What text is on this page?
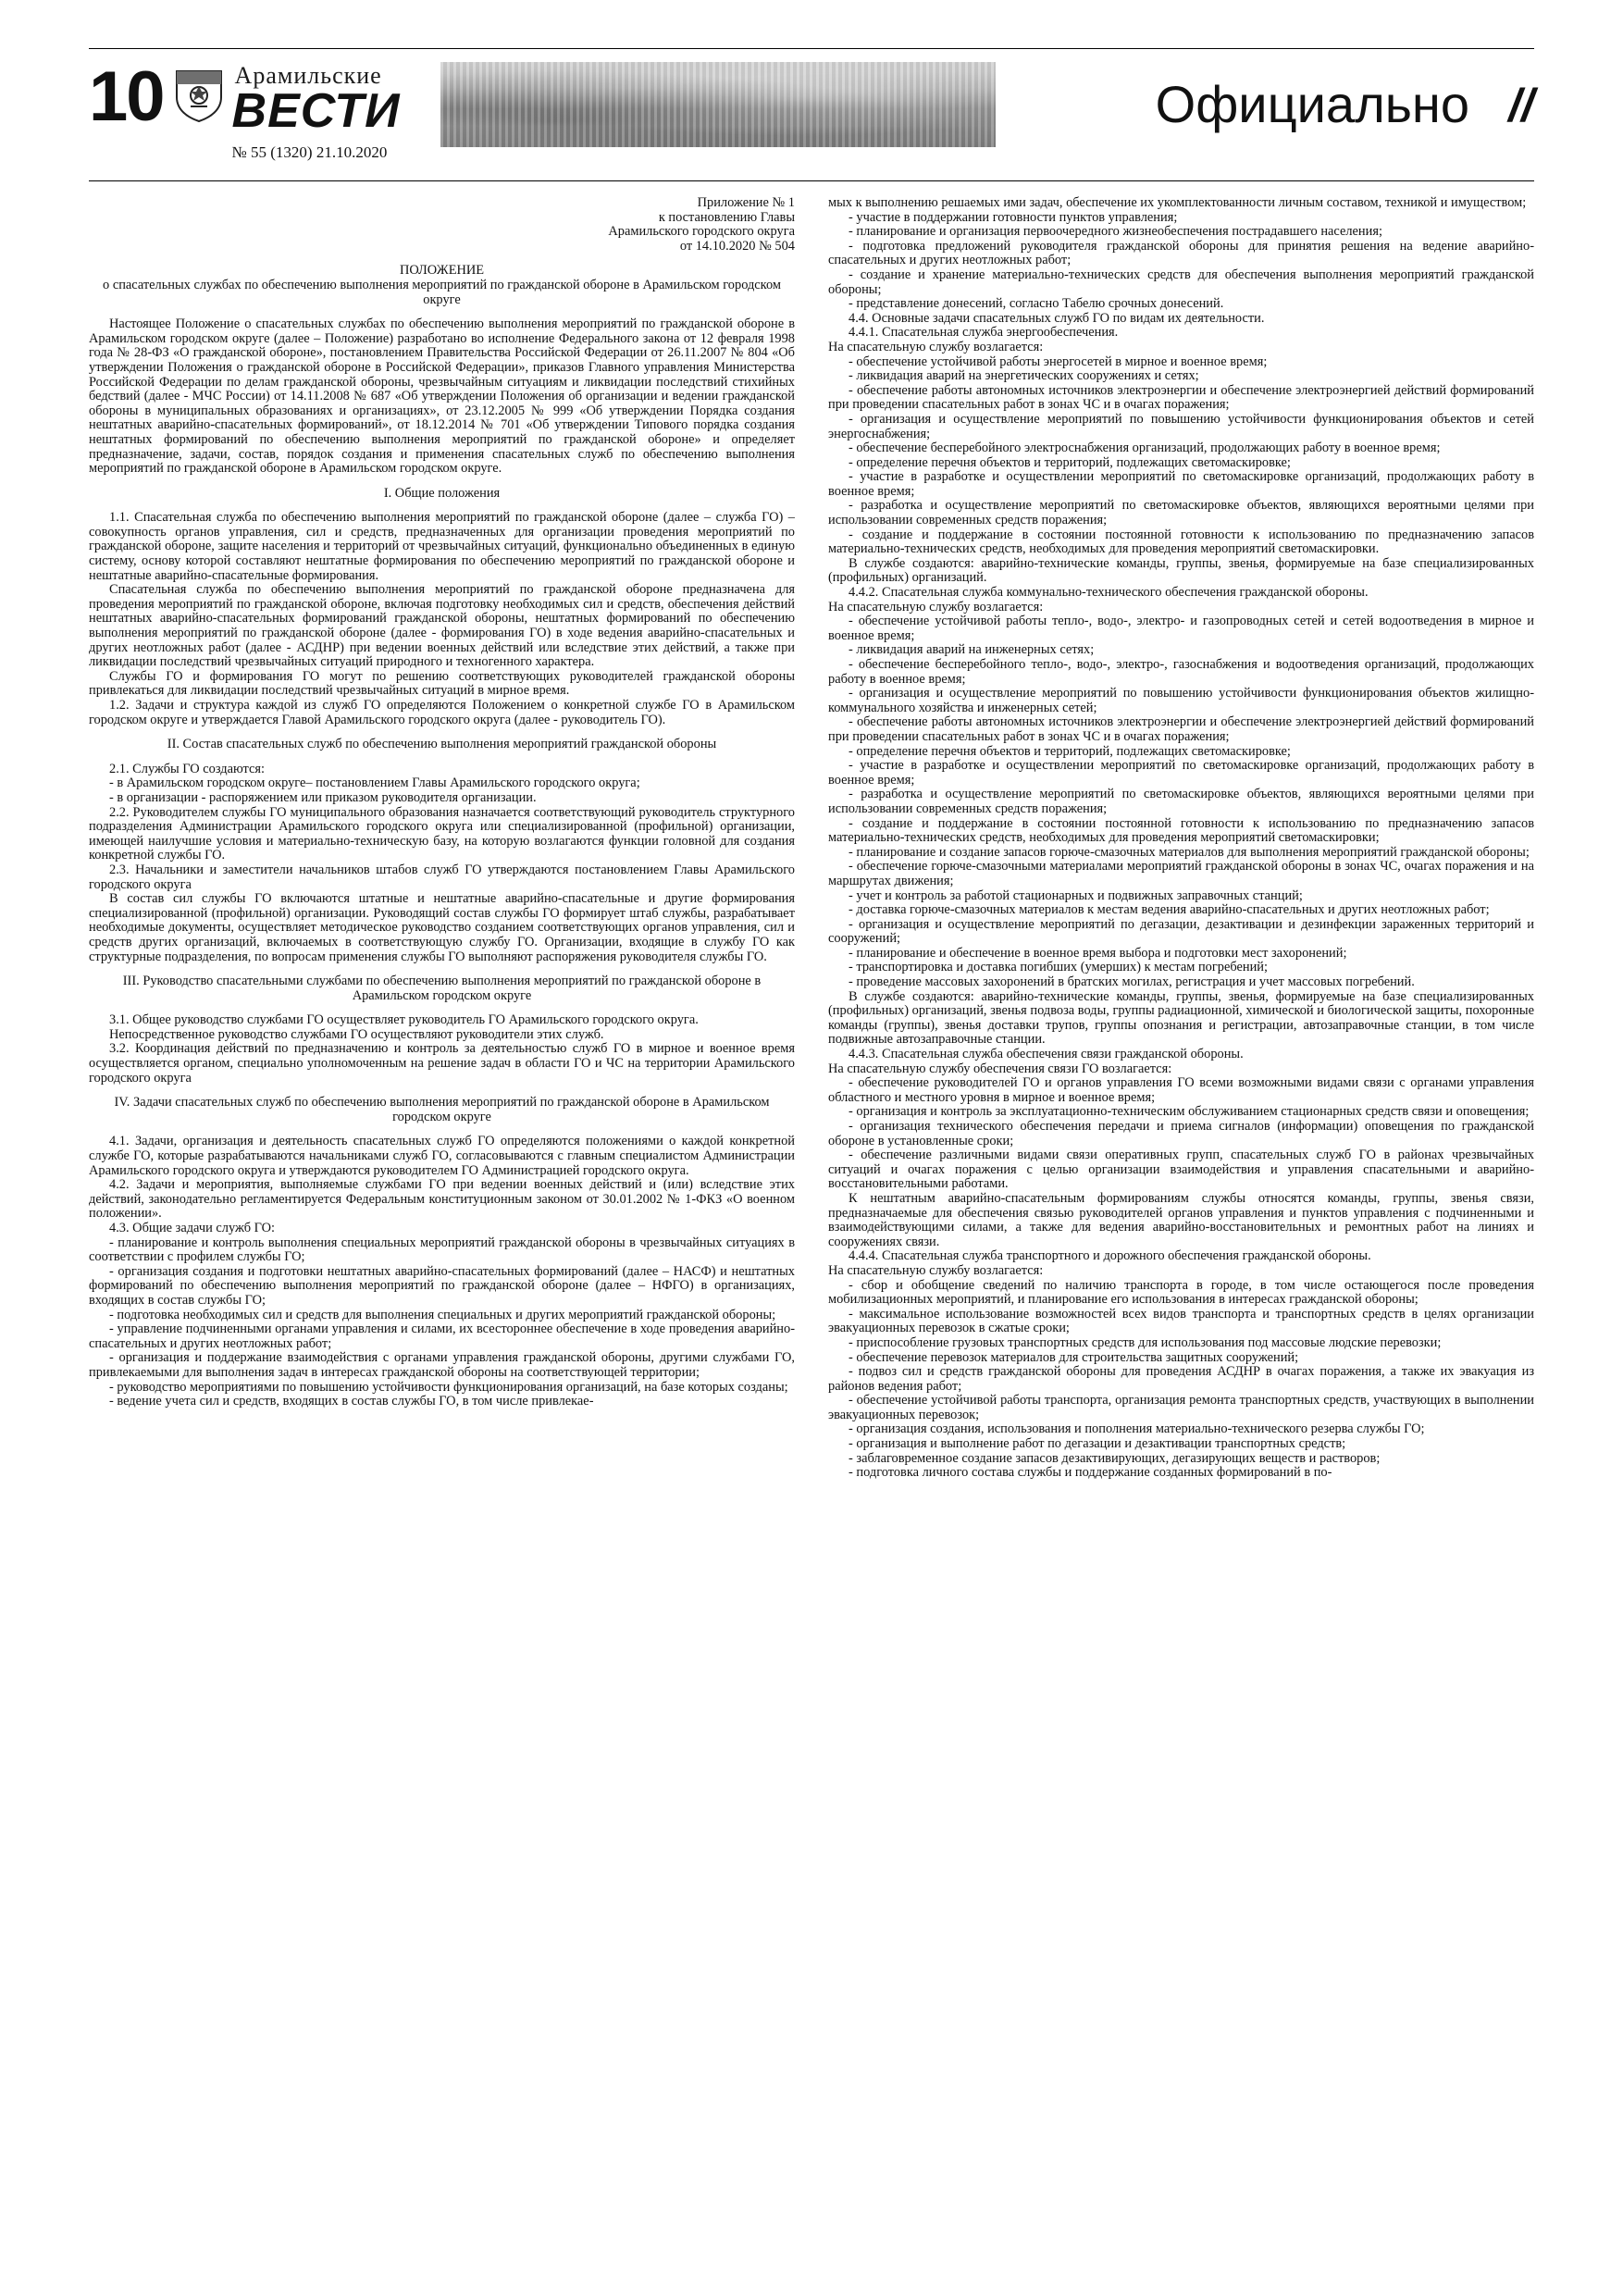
10	Арамильские
ВЕСТИ
№ 55 (1320) 21.10.2020
Официально //

Приложение № 1

к постановлению Главы

Арамильского городского округа

от 14.10.2020 № 504

ПОЛОЖЕНИЕ

о спасательных службах по обеспечению выполнения мероприятий по гражданской обороне в Арамильском городском округе

Настоящее Положение о спасательных службах по обеспечению выполнения мероприятий по гражданской обороне в Арамильском городском округе (далее – Положение) разработано во исполнение Федерального закона от 12 февраля 1998 года № 28-ФЗ «О гражданской обороне», постановлением Правительства Российской Федерации от 26.11.2007 № 804 «Об утверждении Положения о гражданской обороне в Российской Федерации», приказов Главного управления Министерства Российской Федерации по делам гражданской обороны, чрезвычайным ситуациям и ликвидации последствий стихийных бедствий (далее - МЧС России) от 14.11.2008 № 687 «Об утверждении Положения об организации и ведении гражданской обороны в муниципальных образованиях и организациях», от 23.12.2005 № 999 «Об утверждении Порядка создания нештатных аварийно-спасательных формирований», от 18.12.2014 № 701 «Об утверждении Типового порядка создания нештатных формирований по обеспечению выполнения мероприятий по гражданской обороне» и определяет предназначение, задачи, состав, порядок создания и применения спасательных служб по обеспечению выполнения мероприятий по гражданской обороне в Арамильском городском округе.

I. Общие положения

1.1. Спасательная служба по обеспечению выполнения мероприятий по гражданской обороне (далее – служба ГО) – совокупность органов управления, сил и средств, предназначенных для организации проведения мероприятий по гражданской обороне, защите населения и территорий от чрезвычайных ситуаций, функционально объединенных в единую систему, основу которой составляют нештатные формирования по обеспечению мероприятий по гражданской обороне и нештатные аварийно-спасательные формирования.

Спасательная служба по обеспечению выполнения мероприятий по гражданской обороне предназначена для проведения мероприятий по гражданской обороне, включая подготовку необходимых сил и средств, обеспечения действий нештатных аварийно-спасательных формирований гражданской обороны, нештатных формирований по обеспечению выполнения мероприятий по гражданской обороне (далее - формирования ГО) в ходе ведения аварийно-спасательных и других неотложных работ (далее - АСДНР) при ведении военных действий или вследствие этих действий, а также при ликвидации последствий чрезвычайных ситуаций природного и техногенного характера.

Службы ГО и формирования ГО могут по решению соответствующих руководителей гражданской обороны привлекаться для ликвидации последствий чрезвычайных ситуаций в мирное время.

1.2. Задачи и структура каждой из служб ГО определяются Положением о конкретной службе ГО в Арамильском городском округе и утверждается Главой Арамильского городского округа (далее - руководитель ГО).

II. Состав спасательных служб по обеспечению выполнения мероприятий гражданской обороны

2.1. Службы ГО создаются:

- в Арамильском городском округе– постановлением Главы Арамильского городского округа;

- в организации - распоряжением или приказом руководителя организации.

2.2. Руководителем службы ГО муниципального образования назначается соответствующий руководитель структурного подразделения Администрации Арамильского городского округа или специализированной (профильной) организации, имеющей наилучшие условия и материально-техническую базу, на которую возлагаются функции головной для создания конкретной службы ГО.

2.3. Начальники и заместители начальников штабов служб ГО утверждаются постановлением Главы Арамильского городского округа

В состав сил службы ГО включаются штатные и нештатные аварийно-спасательные и другие формирования специализированной (профильной) организации. Руководящий состав службы ГО формирует штаб службы, разрабатывает необходимые документы, осуществляет методическое руководство созданием соответствующих органов управления, сил и средств других организаций, включаемых в соответствующую службу ГО. Организации, входящие в службу ГО как структурные подразделения, по вопросам применения службы ГО выполняют распоряжения руководителя службы ГО.

III. Руководство спасательными службами по обеспечению выполнения мероприятий по гражданской обороне в Арамильском городском округе

3.1. Общее руководство службами ГО осуществляет руководитель ГО Арамильского городского округа.

Непосредственное руководство службами ГО осуществляют руководители этих служб.

3.2. Координация действий по предназначению и контроль за деятельностью служб ГО в мирное и военное время осуществляется органом, специально уполномоченным на решение задач в области ГО и ЧС на территории Арамильского городского округа

IV. Задачи спасательных служб по обеспечению выполнения мероприятий по гражданской обороне в Арамильском городском округе

4.1. Задачи, организация и деятельность спасательных служб ГО определяются положениями о каждой конкретной службе ГО, которые разрабатываются начальниками служб ГО, согласовываются с главным специалистом Администрации Арамильского городского округа и утверждаются руководителем ГО Администрацией городского округа.

4.2. Задачи и мероприятия, выполняемые службами ГО при ведении военных действий и (или) вследствие этих действий, законодательно регламентируется Федеральным конституционным законом от 30.01.2002 № 1-ФКЗ «О военном положении».

4.3. Общие задачи служб ГО:

- планирование и контроль выполнения специальных мероприятий гражданской обороны в чрезвычайных ситуациях в соответствии с профилем службы ГО;

- организация создания и подготовки нештатных аварийно-спасательных формирований (далее – НАСФ) и нештатных формирований по обеспечению выполнения мероприятий по гражданской обороне (далее – НФГО) в организациях, входящих в состав службы ГО;

- подготовка необходимых сил и средств для выполнения специальных и других мероприятий гражданской обороны;

- управление подчиненными органами управления и силами, их всестороннее обеспечение в ходе проведения аварийно-спасательных и других неотложных работ;

- организация и поддержание взаимодействия с органами управления гражданской обороны, другими службами ГО, привлекаемыми для выполнения задач в интересах гражданской обороны на соответствующей территории;

- руководство мероприятиями по повышению устойчивости функционирования организаций, на базе которых созданы;

- ведение учета сил и средств, входящих в состав службы ГО, в том числе привлекае-

мых к выполнению решаемых ими задач, обеспечение их укомплектованности личным составом, техникой и имуществом;

- участие в поддержании готовности пунктов управления;

- планирование и организация первоочередного жизнеобеспечения пострадавшего населения;

- подготовка предложений руководителя гражданской обороны для принятия решения на ведение аварийно-спасательных и других неотложных работ;

- создание и хранение материально-технических средств для обеспечения выполнения мероприятий гражданской обороны;

- представление донесений, согласно Табелю срочных донесений.

4.4. Основные задачи спасательных служб ГО по видам их деятельности.

4.4.1. Спасательная служба энергообеспечения.

На спасательную службу возлагается:

- обеспечение устойчивой работы энергосетей в мирное и военное время;

- ликвидация аварий на энергетических сооружениях и сетях;

- обеспечение работы автономных источников электроэнергии и обеспечение электроэнергией действий формирований при проведении спасательных работ в зонах ЧС и в очагах поражения;

- организация и осуществление мероприятий по повышению устойчивости функционирования объектов и сетей энергоснабжения;

- обеспечение бесперебойного электроснабжения организаций, продолжающих работу в военное время;

- определение перечня объектов и территорий, подлежащих светомаскировке;

- участие в разработке и осуществлении мероприятий по светомаскировке организаций, продолжающих работу в военное время;

- разработка и осуществление мероприятий по светомаскировке объектов, являющихся вероятными целями при использовании современных средств поражения;

- создание и поддержание в состоянии постоянной готовности к использованию по предназначению запасов материально-технических средств, необходимых для проведения мероприятий светомаскировки.

В службе создаются: аварийно-технические команды, группы, звенья, формируемые на базе специализированных (профильных) организаций.

4.4.2. Спасательная служба коммунально-технического обеспечения гражданской обороны.

На спасательную службу возлагается:

- обеспечение устойчивой работы тепло-, водо-, электро- и газопроводных сетей и сетей водоотведения в мирное и военное время;

- ликвидация аварий на инженерных сетях;

- обеспечение бесперебойного тепло-, водо-, электро-, газоснабжения и водоотведения организаций, продолжающих работу в военное время;

- организация и осуществление мероприятий по повышению устойчивости функционирования объектов жилищно-коммунального хозяйства и инженерных сетей;

- обеспечение работы автономных источников электроэнергии и обеспечение электроэнергией действий формирований при проведении спасательных работ в зонах ЧС и в очагах поражения;

- определение перечня объектов и территорий, подлежащих светомаскировке;

- участие в разработке и осуществлении мероприятий по светомаскировке организаций, продолжающих работу в военное время;

- разработка и осуществление мероприятий по светомаскировке объектов, являющихся вероятными целями при использовании современных средств поражения;

- создание и поддержание в состоянии постоянной готовности к использованию по предназначению запасов материально-технических средств, необходимых для проведения мероприятий светомаскировки;

- планирование и создание запасов горюче-смазочных материалов для выполнения мероприятий гражданской обороны;

- обеспечение горюче-смазочными материалами мероприятий гражданской обороны в зонах ЧС, очагах поражения и на маршрутах движения;

- учет и контроль за работой стационарных и подвижных заправочных станций;

- доставка горюче-смазочных материалов к местам ведения аварийно-спасательных и других неотложных работ;

- организация и осуществление мероприятий по дегазации, дезактивации и дезинфекции зараженных территорий и сооружений;

- планирование и обеспечение в военное время выбора и подготовки мест захоронений;

- транспортировка и доставка погибших (умерших) к местам погребений;

- проведение массовых захоронений в братских могилах, регистрация и учет массовых погребений.

В службе создаются: аварийно-технические команды, группы, звенья, формируемые на базе специализированных (профильных) организаций, звенья подвоза воды, группы радиационной, химической и биологической защиты, похоронные команды (группы), звенья доставки трупов, группы опознания и регистрации, автозаправочные станции, в том числе подвижные автозаправочные станции.

4.4.3. Спасательная служба обеспечения связи гражданской обороны.

На спасательную службу обеспечения связи ГО возлагается:

- обеспечение руководителей ГО и органов управления ГО всеми возможными видами связи с органами управления областного и местного уровня в мирное и военное время;

- организация и контроль за эксплуатационно-техническим обслуживанием стационарных средств связи и оповещения;

- организация технического обеспечения передачи и приема сигналов (информации) оповещения по гражданской обороне в установленные сроки;

- обеспечение различными видами связи оперативных групп, спасательных служб ГО в районах чрезвычайных ситуаций и очагах поражения с целью организации взаимодействия и управления спасательными и аварийно-восстановительными работами.

К нештатным аварийно-спасательным формированиям службы относятся команды, группы, звенья связи, предназначаемые для обеспечения связью руководителей органов управления и пунктов управления с подчиненными и взаимодействующими силами, а также для ведения аварийно-восстановительных и ремонтных работ на линиях и сооружениях связи.

4.4.4. Спасательная служба транспортного и дорожного обеспечения гражданской обороны.

На спасательную службу возлагается:

- сбор и обобщение сведений по наличию транспорта в городе, в том числе остающегося после проведения мобилизационных мероприятий, и планирование его использования в интересах гражданской обороны;

- максимальное использование возможностей всех видов транспорта и транспортных средств в целях организации эвакуационных перевозок в сжатые сроки;

- приспособление грузовых транспортных средств для использования под массовые людские перевозки;

- обеспечение перевозок материалов для строительства защитных сооружений;

- подвоз сил и средств гражданской обороны для проведения АСДНР в очагах поражения, а также их эвакуация из районов ведения работ;

- обеспечение устойчивой работы транспорта, организация ремонта транспортных средств, участвующих в выполнении эвакуационных перевозок;

- организация создания, использования и пополнения материально-технического резерва службы ГО;

- организация и выполнение работ по дегазации и дезактивации транспортных средств;

- заблаговременное создание запасов дезактивирующих, дегазирующих веществ и растворов;

- подготовка личного состава службы и поддержание созданных формирований в по-
